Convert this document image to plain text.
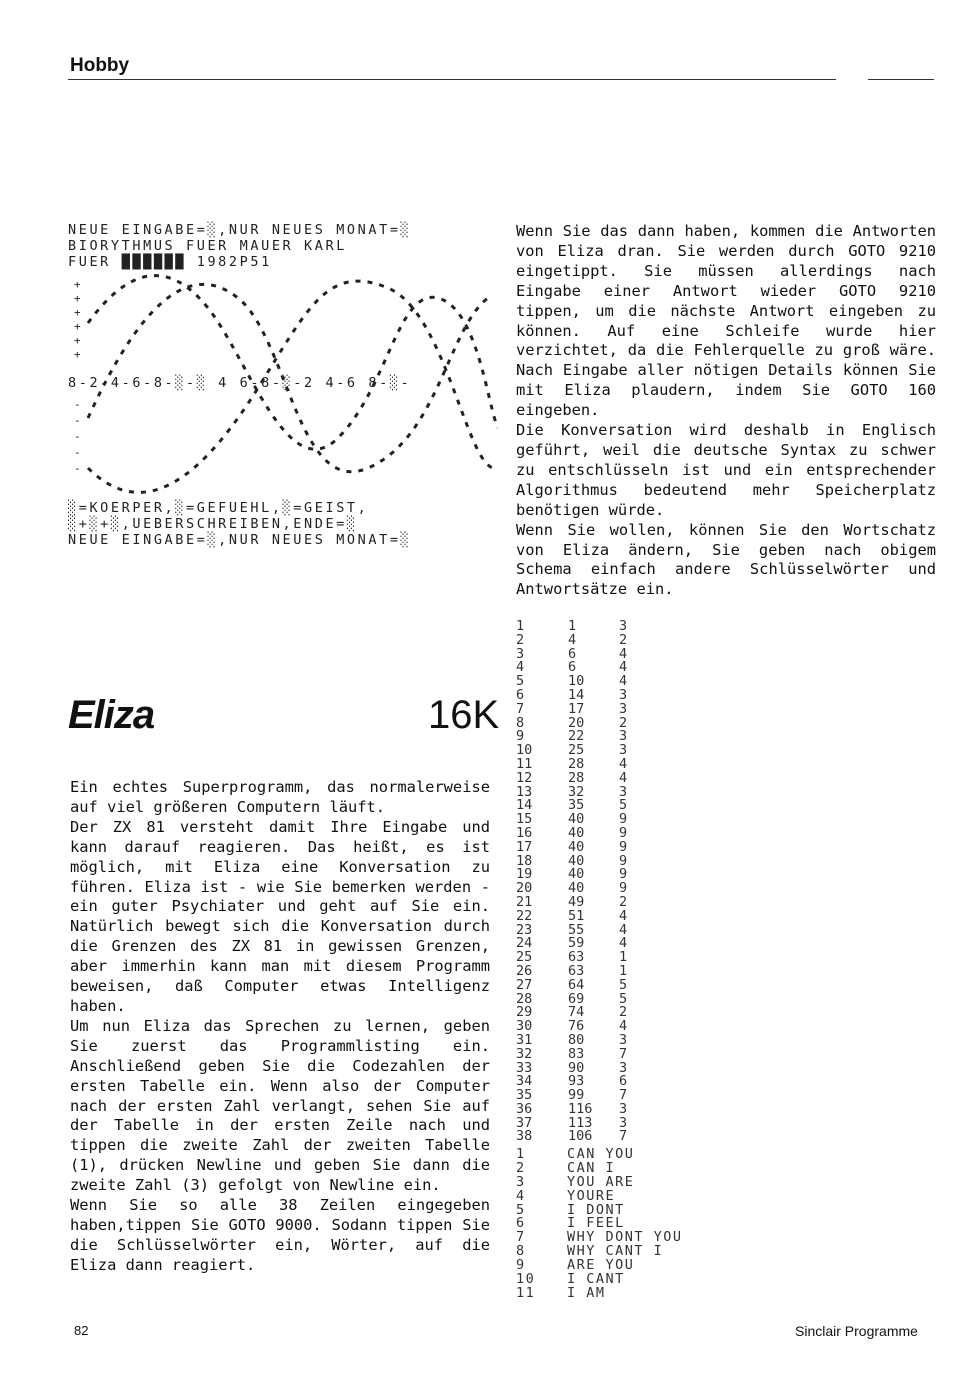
Hobby
NEUE EINGABE=░,NUR NEUES MONAT=░
BIORYTHMUS FUER MAUER KARL
FUER ██████ 1982P51
+
+
+
+
+
+
-
-
-
-
-
8-2-4-6-8-░-░ 4 6-8-░-2 4-6 8-░-
░=KOERPER,░=GEFUEHL,░=GEIST,
░+░+░,UEBERSCHREIBEN,ENDE=░
NEUE EINGABE=░,NUR NEUES MONAT=░
Eliza	16K

Ein echtes Superprogramm, das normalerweise auf viel größeren Computern läuft.

Der ZX 81 versteht damit Ihre Eingabe und kann darauf reagieren. Das heißt, es ist möglich, mit Eliza eine Konversation zu führen. Eliza ist - wie Sie bemerken werden - ein guter Psychiater und geht auf Sie ein. Natürlich bewegt sich die Konversation durch die Grenzen des ZX 81 in gewissen Grenzen, aber immerhin kann man mit diesem Programm beweisen, daß Computer etwas Intelligenz haben.

Um nun Eliza das Sprechen zu lernen, geben Sie zuerst das Programmlisting ein. Anschließend geben Sie die Codezahlen der ersten Tabelle ein. Wenn also der Computer nach der ersten Zahl verlangt, sehen Sie auf der Tabelle in der ersten Zeile nach und tippen die zweite Zahl der zweiten Tabelle (1), drücken Newline und geben Sie dann die zweite Zahl (3) gefolgt von Newline ein.

Wenn Sie so alle 38 Zeilen eingegeben haben,tippen Sie GOTO 9000. Sodann tippen Sie die Schlüsselwörter ein, Wörter, auf die Eliza dann reagiert.

Wenn Sie das dann haben, kommen die Antworten von Eliza dran. Sie werden durch GOTO 9210 eingetippt. Sie müssen allerdings nach Eingabe einer Antwort wieder GOTO 9210 tippen, um die nächste Antwort eingeben zu können. Auf eine Schleife wurde hier verzichtet, da die Fehlerquelle zu groß wäre. Nach Eingabe aller nötigen Details können Sie mit Eliza plaudern, indem Sie GOTO 160 eingeben.

Die Konversation wird deshalb in Englisch geführt, weil die deutsche Syntax zu schwer zu entschlüsseln ist und ein entsprechender Algorithmus bedeutend mehr Speicherplatz benötigen würde.

Wenn Sie wollen, können Sie den Wortschatz von Eliza ändern, Sie geben nach obigem Schema einfach andere Schlüsselwörter und Antwortsätze ein.

1	1	3
2	4	2
3	6	4
4	6	4
5	10	4
6	14	3
7	17	3
8	20	2
9	22	3
10	25	3
11	28	4
12	28	4
13	32	3
14	35	5
15	40	9
16	40	9
17	40	9
18	40	9
19	40	9
20	40	9
21	49	2
22	51	4
23	55	4
24	59	4
25	63	1
26	63	1
27	64	5
28	69	5
29	74	2
30	76	4
31	80	3
32	83	7
33	90	3
34	93	6
35	99	7
36	116 3
37	113 3
38	106 7
1	CAN YOU
2	CAN I
3	YOU ARE
4	YOURE
5	I DONT
6	I FEEL
7	WHY DONT YOU
8	WHY CANT I
9	ARE YOU
10 I CANT
11 I AM
82	Sinclair Programme
